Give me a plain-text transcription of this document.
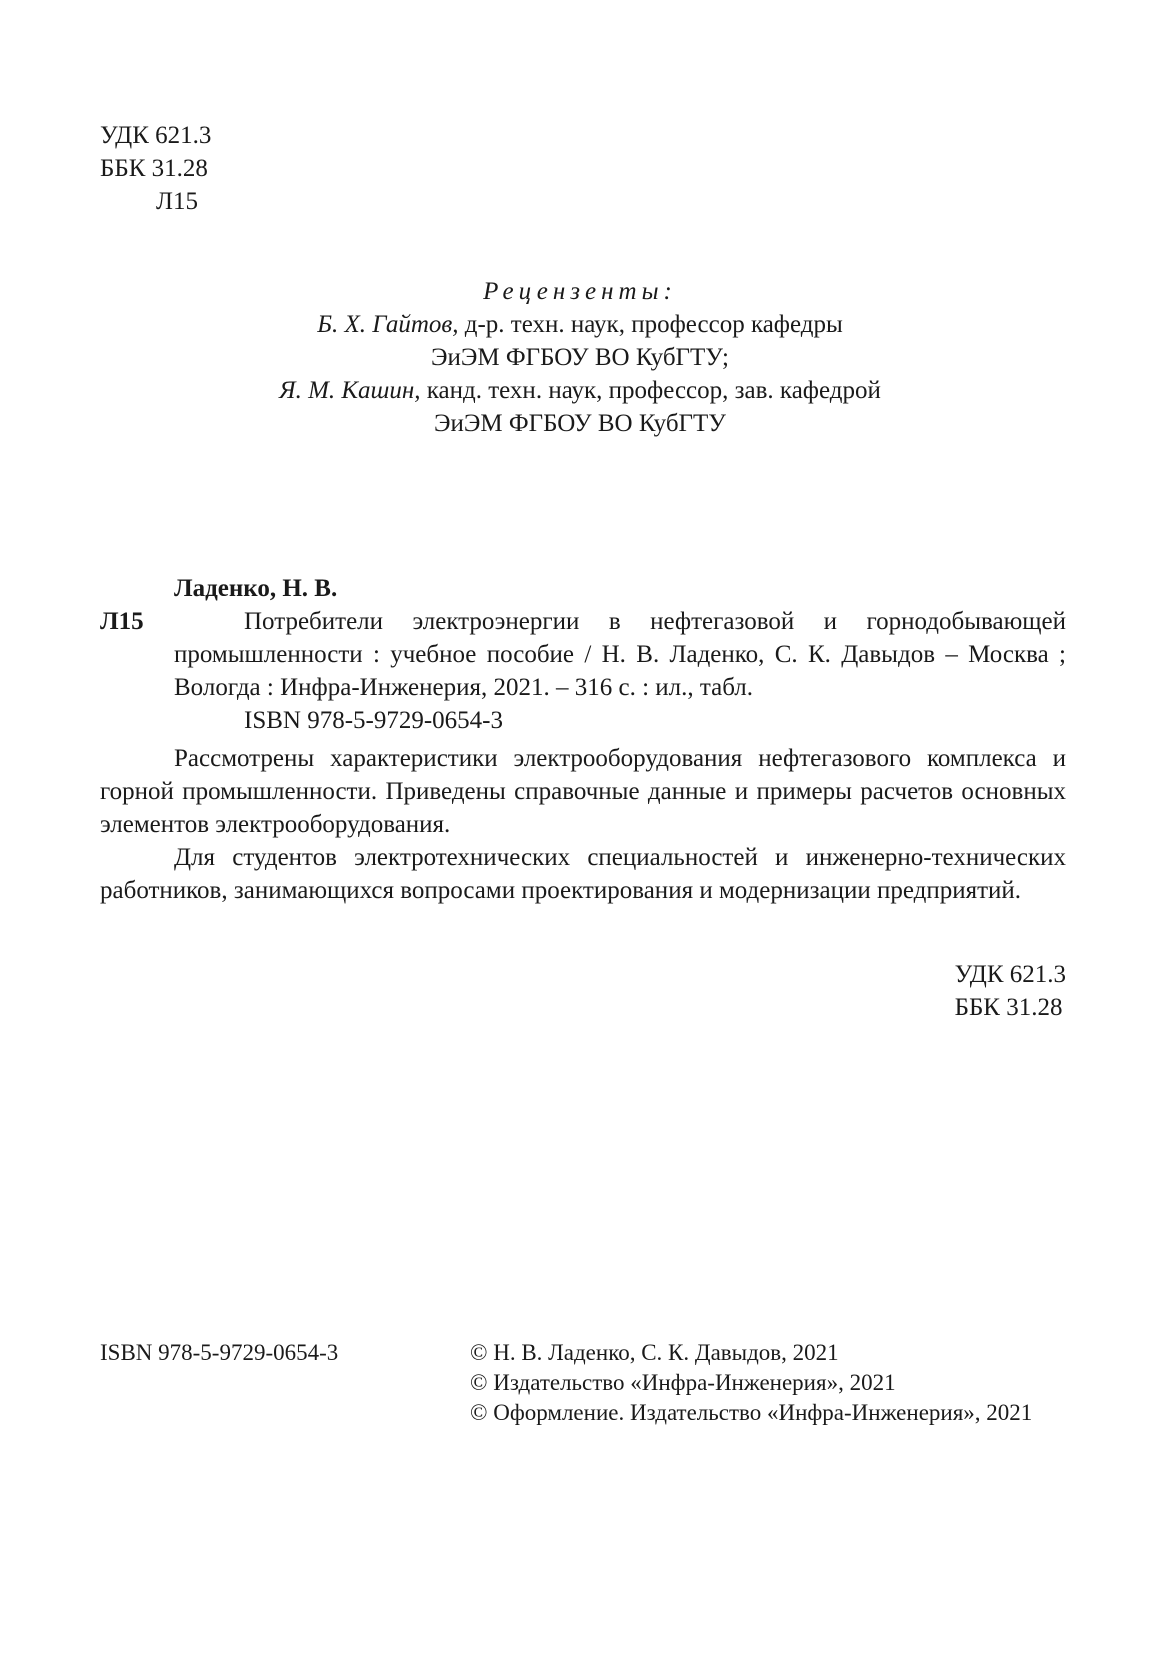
УДК 621.3
ББК 31.28
Л15
Рецензенты:
Б. Х. Гайтов, д-р. техн. наук, профессор кафедры
ЭиЭМ ФГБОУ ВО КубГТУ;
Я. М. Кашин, канд. техн. наук, профессор, зав. кафедрой
ЭиЭМ ФГБОУ ВО КубГТУ
Ладенко, Н. В.
Л15	Потребители электроэнергии в нефтегазовой и горнодобывающей промышленности : учебное пособие / Н. В. Ладенко, С. К. Давыдов – Москва ; Вологда : Инфра-Инженерия, 2021. – 316 с. : ил., табл.
ISBN 978-5-9729-0654-3

Рассмотрены характеристики электрооборудования нефтегазового комплекса и горной промышленности. Приведены справочные данные и примеры расчетов основных элементов электрооборудования.

Для студентов электротехнических специальностей и инженерно-технических работников, занимающихся вопросами проектирования и модернизации предприятий.

УДК 621.3
ББК 31.28
ISBN 978-5-9729-0654-3	© Н. В. Ладенко, С. К. Давыдов, 2021
© Издательство «Инфра-Инженерия», 2021
© Оформление. Издательство «Инфра-Инженерия», 2021
